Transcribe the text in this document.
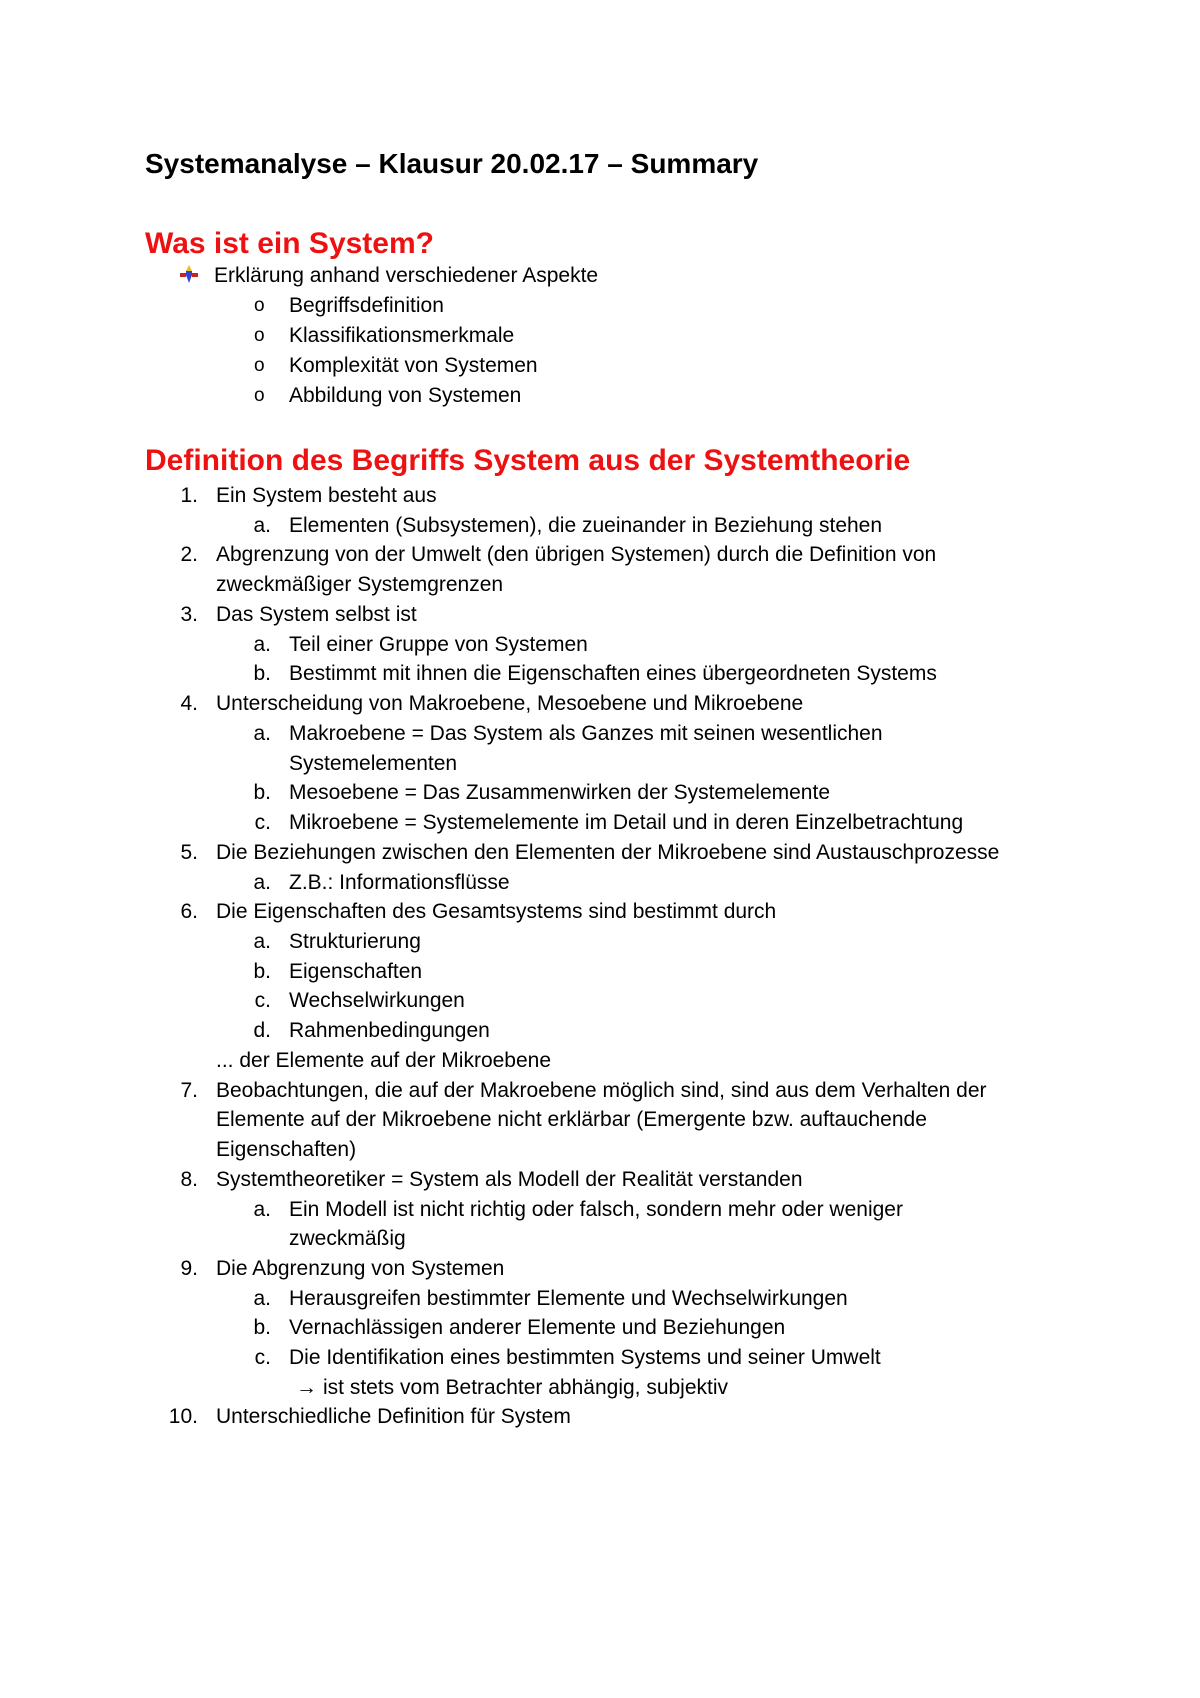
Systemanalyse – Klausur 20.02.17 – Summary
Was ist ein System?
Erklärung anhand verschiedener Aspekte
o Begriffsdefinition
o Klassifikationsmerkmale
o Komplexität von Systemen
o Abbildung von Systemen
Definition des Begriffs System aus der Systemtheorie
1. Ein System besteht aus
a. Elementen (Subsystemen), die zueinander in Beziehung stehen
2. Abgrenzung von der Umwelt (den übrigen Systemen) durch die Definition von
zweckmäßiger Systemgrenzen
3. Das System selbst ist
a. Teil einer Gruppe von Systemen
b. Bestimmt mit ihnen die Eigenschaften eines übergeordneten Systems
4. Unterscheidung von Makroebene, Mesoebene und Mikroebene
a. Makroebene = Das System als Ganzes mit seinen wesentlichen
Systemelementen
b. Mesoebene = Das Zusammenwirken der Systemelemente
c. Mikroebene = Systemelemente im Detail und in deren Einzelbetrachtung
5. Die Beziehungen zwischen den Elementen der Mikroebene sind Austauschprozesse
a. Z.B.: Informationsflüsse
6. Die Eigenschaften des Gesamtsystems sind bestimmt durch
a. Strukturierung
b. Eigenschaften
c. Wechselwirkungen
d. Rahmenbedingungen
... der Elemente auf der Mikroebene
7. Beobachtungen, die auf der Makroebene möglich sind, sind aus dem Verhalten der
Elemente auf der Mikroebene nicht erklärbar (Emergente bzw. auftauchende
Eigenschaften)
8. Systemtheoretiker = System als Modell der Realität verstanden
a. Ein Modell ist nicht richtig oder falsch, sondern mehr oder weniger
zweckmäßig
9. Die Abgrenzung von Systemen
a. Herausgreifen bestimmter Elemente und Wechselwirkungen
b. Vernachlässigen anderer Elemente und Beziehungen
c. Die Identifikation eines bestimmten Systems und seiner Umwelt
→ ist stets vom Betrachter abhängig, subjektiv
10. Unterschiedliche Definition für System
